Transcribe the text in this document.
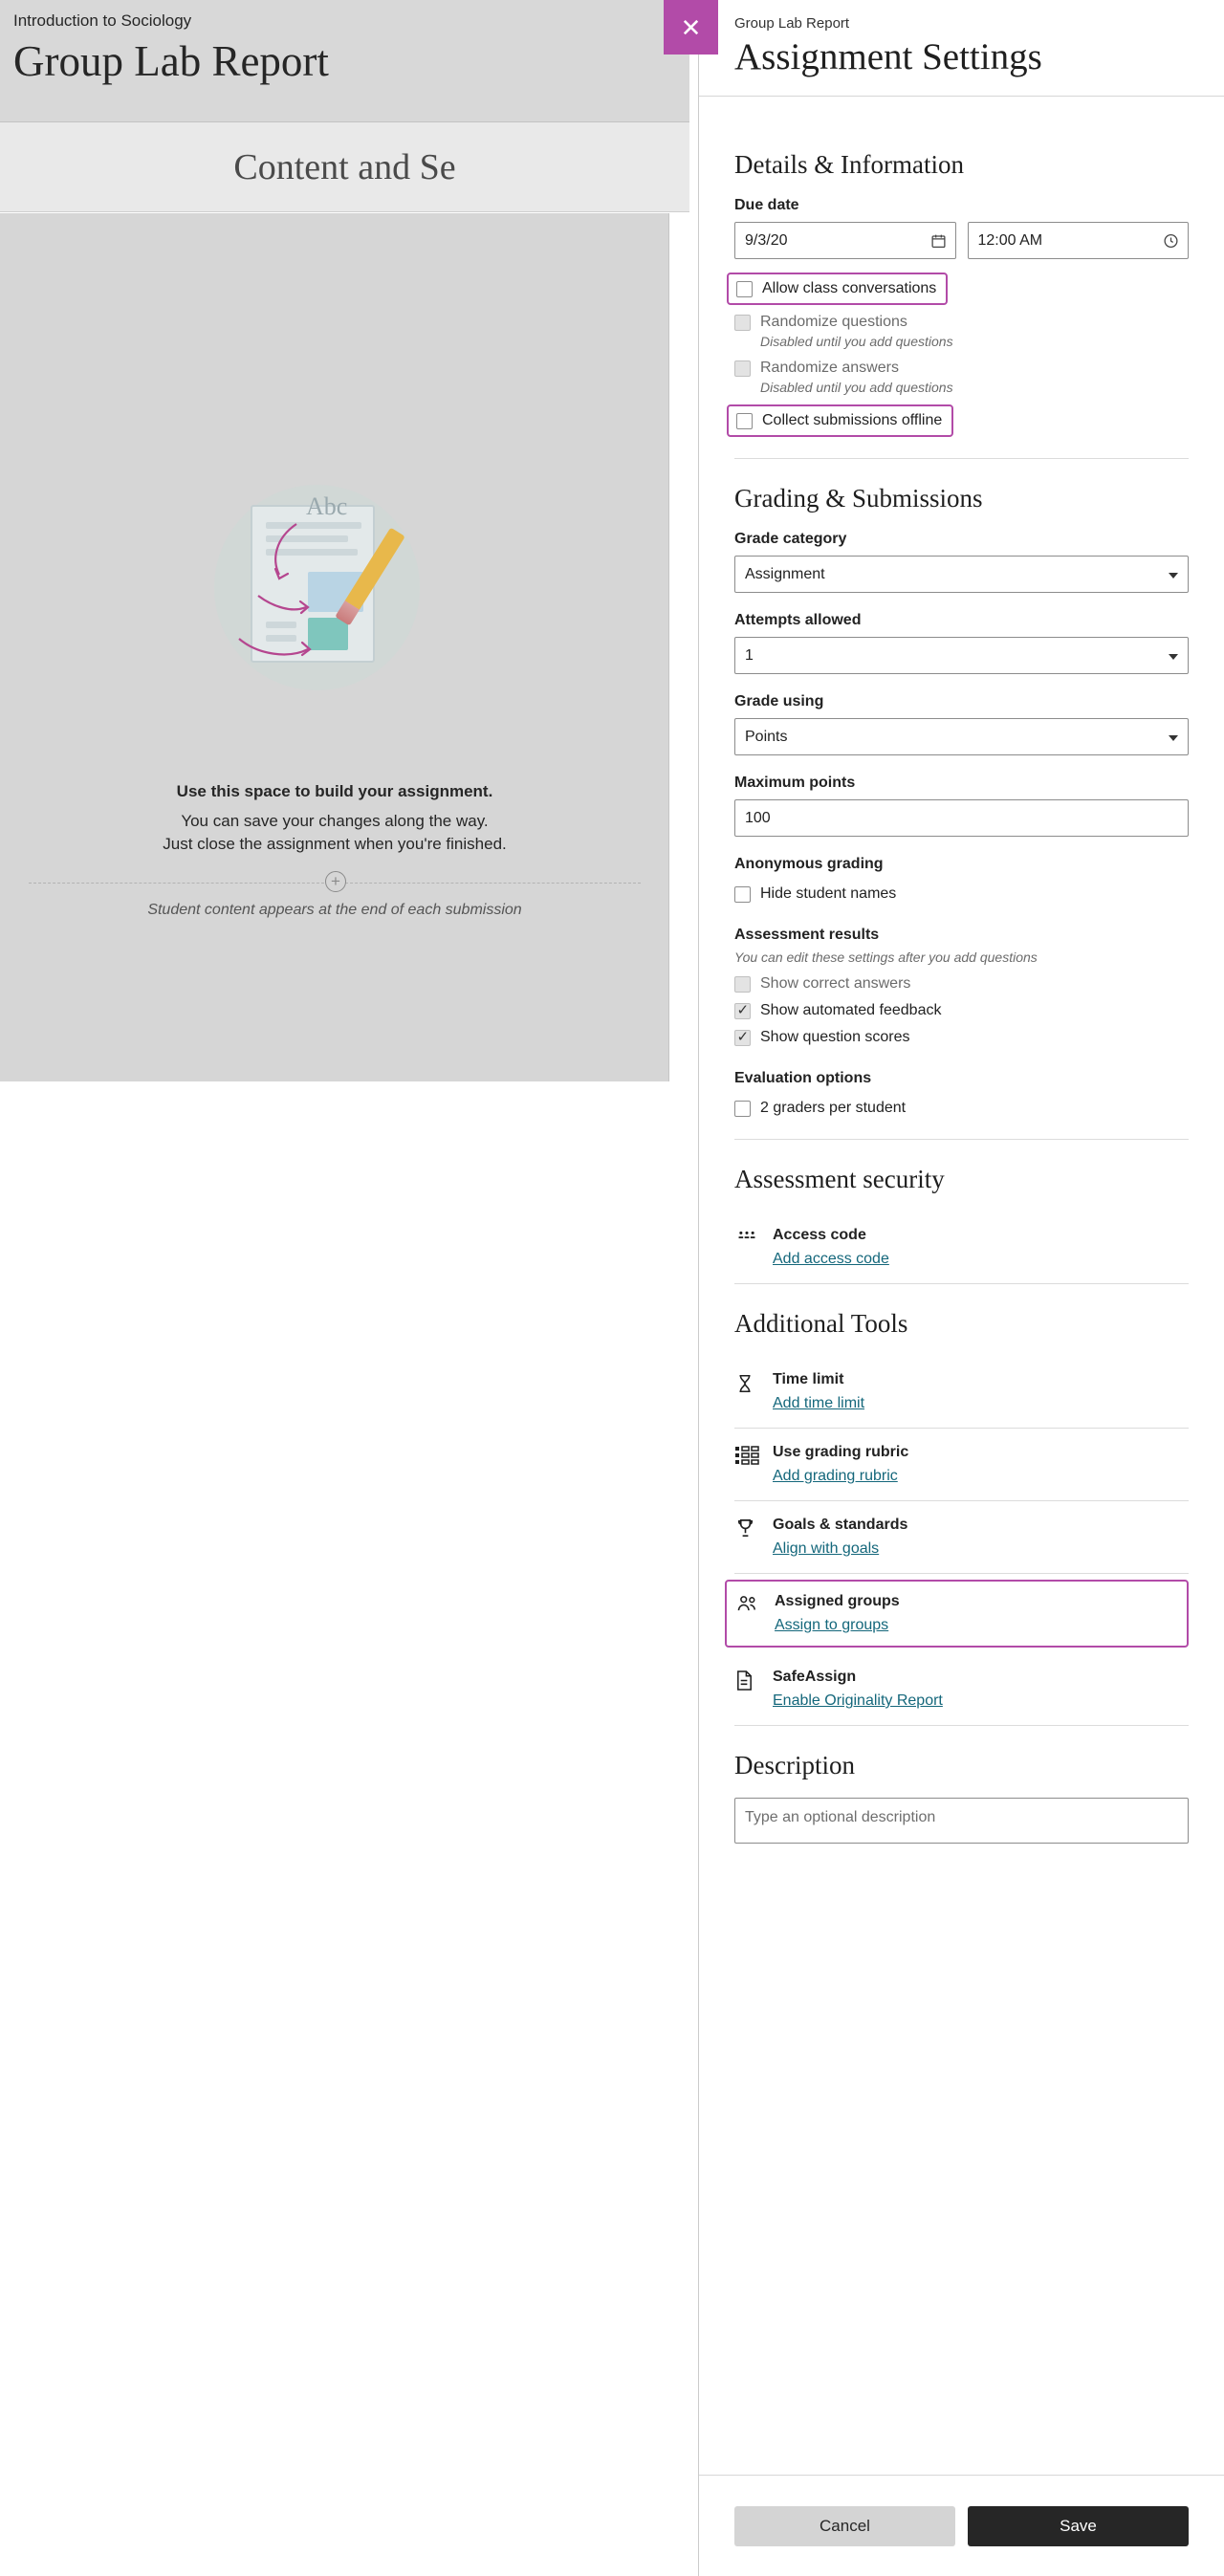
Introduction to Sociology
Group Lab Report
Content and Se
Abc
Use this space to build your assignment.
You can save your changes along the way.
Just close the assignment when you're finished.
+
Student content appears at the end of each submission
✕	Group Lab Report
Assignment Settings
Details & Information
Due date
9/3/20	12:00 AM
Allow class conversations
Randomize questions
Disabled until you add questions
Randomize answers
Disabled until you add questions
Collect submissions offline
Grading & Submissions
Grade category
Assignment
Attempts allowed
1
Grade using
Points
Maximum points
100
Anonymous grading
Hide student names
Assessment results
You can edit these settings after you add questions
Show correct answers
✓
Show automated feedback
✓
Show question scores
Evaluation options
2 graders per student
Assessment security
Access code
Add access code
Additional Tools
Time limit
Add time limit
Use grading rubric
Add grading rubric
Goals & standards
Align with goals
Assigned groups
Assign to groups
SafeAssign
Enable Originality Report
Description
Type an optional description
Cancel	Save
